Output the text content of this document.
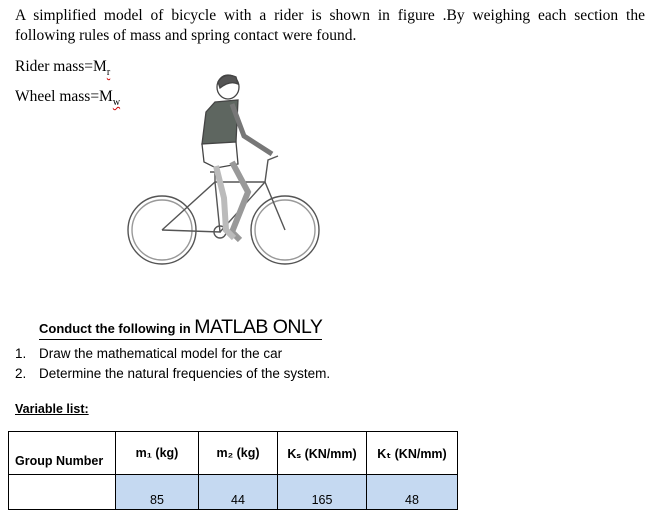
A simplified model of bicycle with a rider is shown in figure .By weighing each section the following rules of mass and spring contact were found.
Rider $mass=M_r$
Wheel $mass=M_w$
Conduct the following in MATLAB ONLY
1. Draw the mathematical model for the car
2. Determine the natural frequencies of the system.
Variable list:
Group Number	m₁ (kg)	m₂ (kg)	Kₛ (KN/mm)	Kₜ (KN/mm)
	85	44	165	48
